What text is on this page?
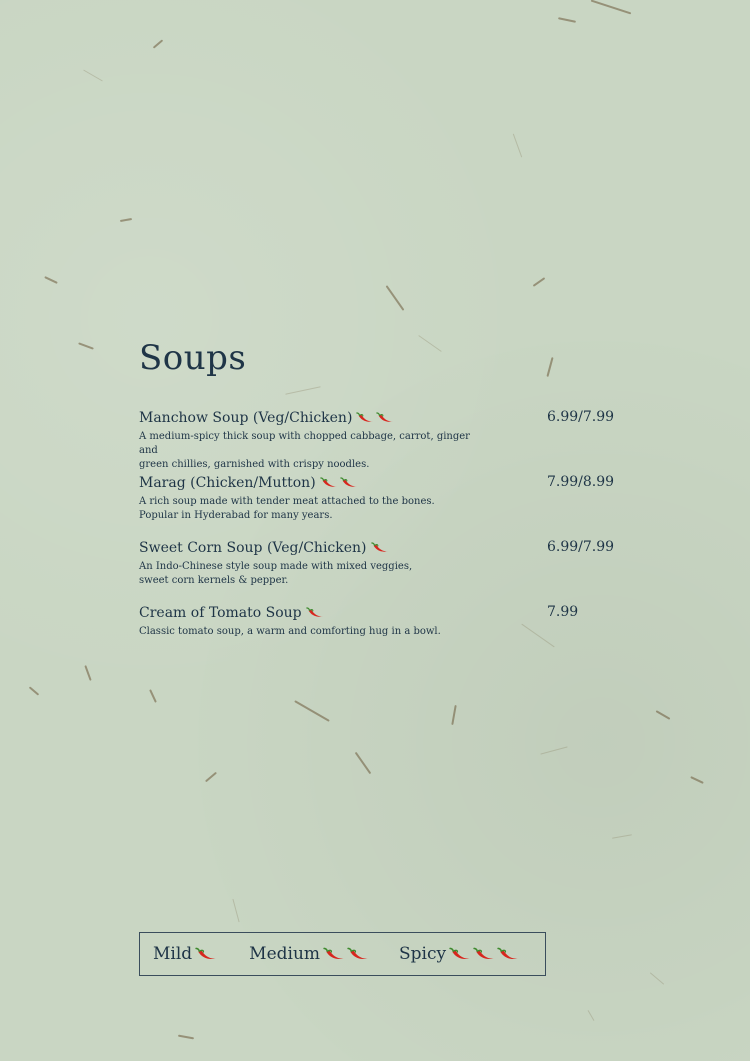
Soups
Manchow Soup (Veg/Chicken)	6.99/7.99
A medium-spicy thick soup with chopped cabbage, carrot, ginger and
green chillies, garnished with crispy noodles.
Marag (Chicken/Mutton)	7.99/8.99
A rich soup made with tender meat attached to the bones.
Popular in Hyderabad for many years.
Sweet Corn Soup (Veg/Chicken)	6.99/7.99
An Indo-Chinese style soup made with mixed veggies,
sweet corn kernels & pepper.
Cream of Tomato Soup	7.99
Classic tomato soup, a warm and comforting hug in a bowl.
Mild	Medium	Spicy
